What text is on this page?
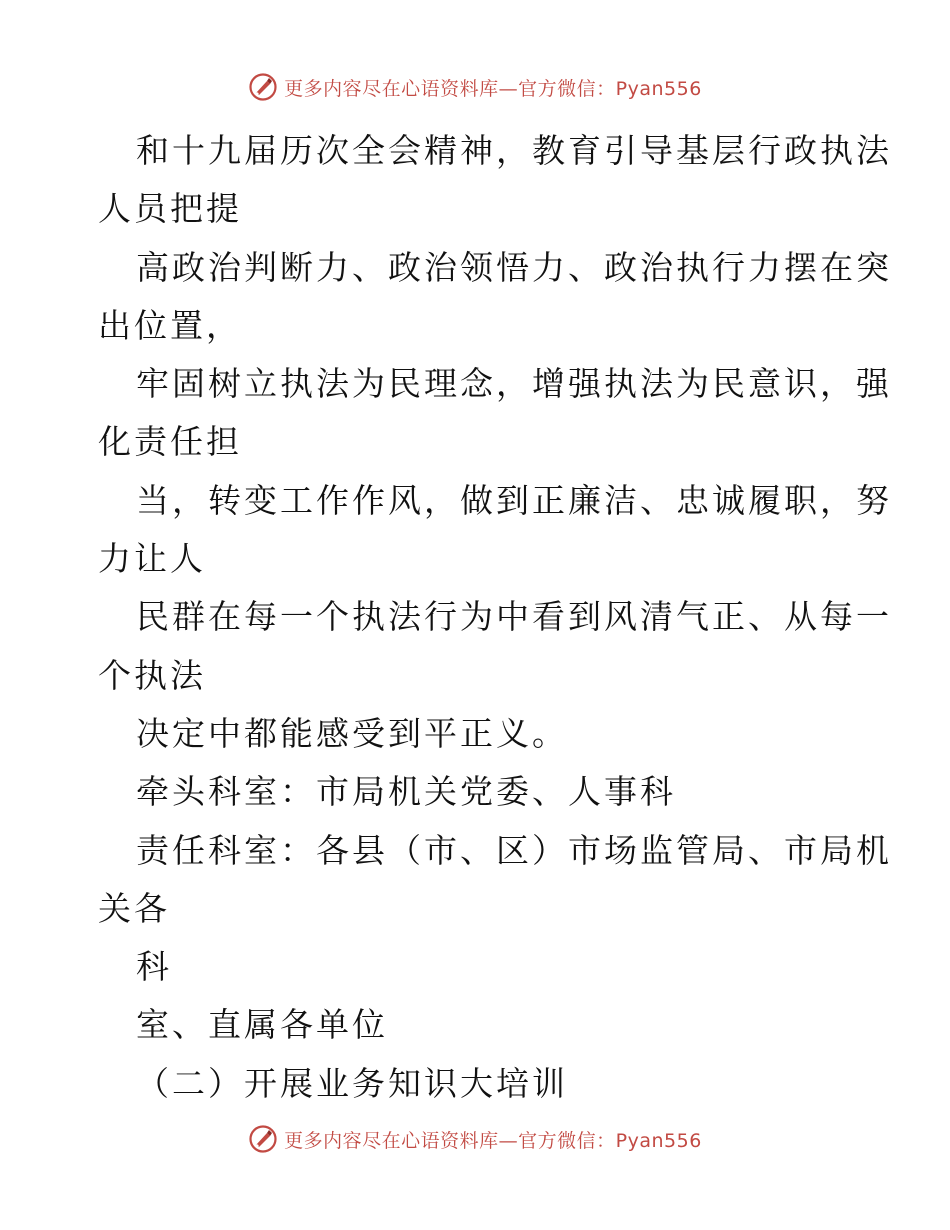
更多内容尽在心语资料库—官方微信：Pyan556
和十九届历次全会精神，教育引导基层行政执法
人员把提
高政治判断力、政治领悟力、政治执行力摆在突
出位置，
牢固树立执法为民理念，增强执法为民意识，强
化责任担
当，转变工作作风，做到正廉洁、忠诚履职，努
力让人
民群在每一个执法行为中看到风清气正、从每一
个执法
决定中都能感受到平正义。
牵头科室：市局机关党委、人事科
责任科室：各县（市、区）市场监管局、市局机
关各
科
室、直属各单位
（二）开展业务知识大培训
更多内容尽在心语资料库—官方微信：Pyan556
